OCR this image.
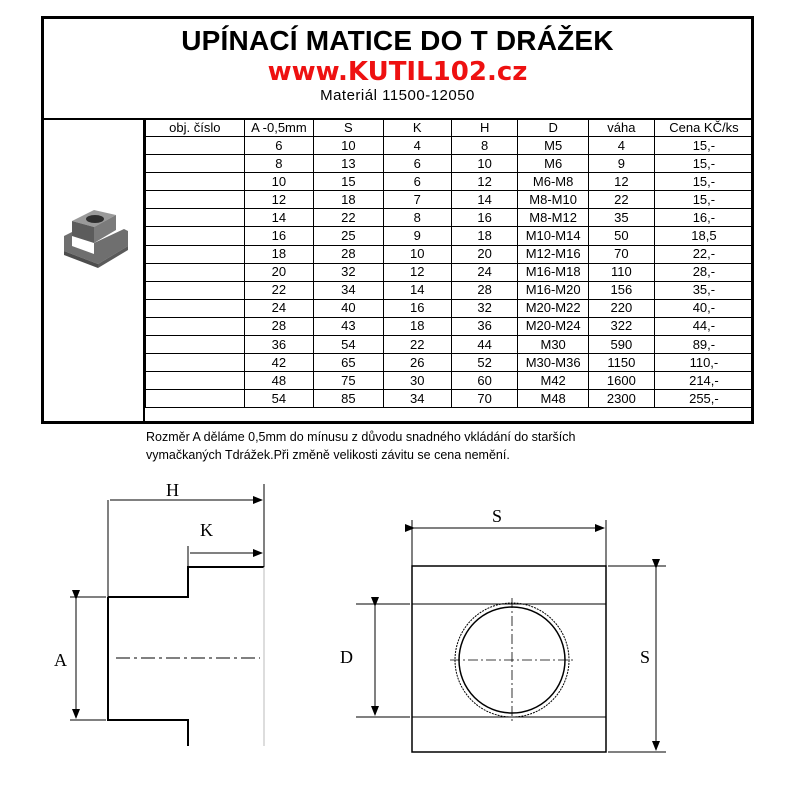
UPÍNACÍ MATICE DO T DRÁŽEK
www.KUTIL102.cz
Materiál 11500-12050
obj. číslo	A -0,5mm	S	K	H	D	váha	Cena KČ/ks
	6	10	4	8	M5	4	15,-
	8	13	6	10	M6	9	15,-
	10	15	6	12	M6-M8	12	15,-
	12	18	7	14	M8-M10	22	15,-
	14	22	8	16	M8-M12	35	16,-
	16	25	9	18	M10-M14	50	18,5
	18	28	10	20	M12-M16	70	22,-
	20	32	12	24	M16-M18	110	28,-
	22	34	14	28	M16-M20	156	35,-
	24	40	16	32	M20-M22	220	40,-
	28	43	18	36	M20-M24	322	44,-
	36	54	22	44	M30	590	89,-
	42	65	26	52	M30-M36	1150	110,-
	48	75	30	60	M42	1600	214,-
	54	85	34	70	M48	2300	255,-
Rozměr A děláme 0,5mm do mínusu z důvodu snadného vkládání do starších
vymačkaných Tdrážek.Při změně velikosti závitu se cena nemění.
H
K
A
S
D	S
